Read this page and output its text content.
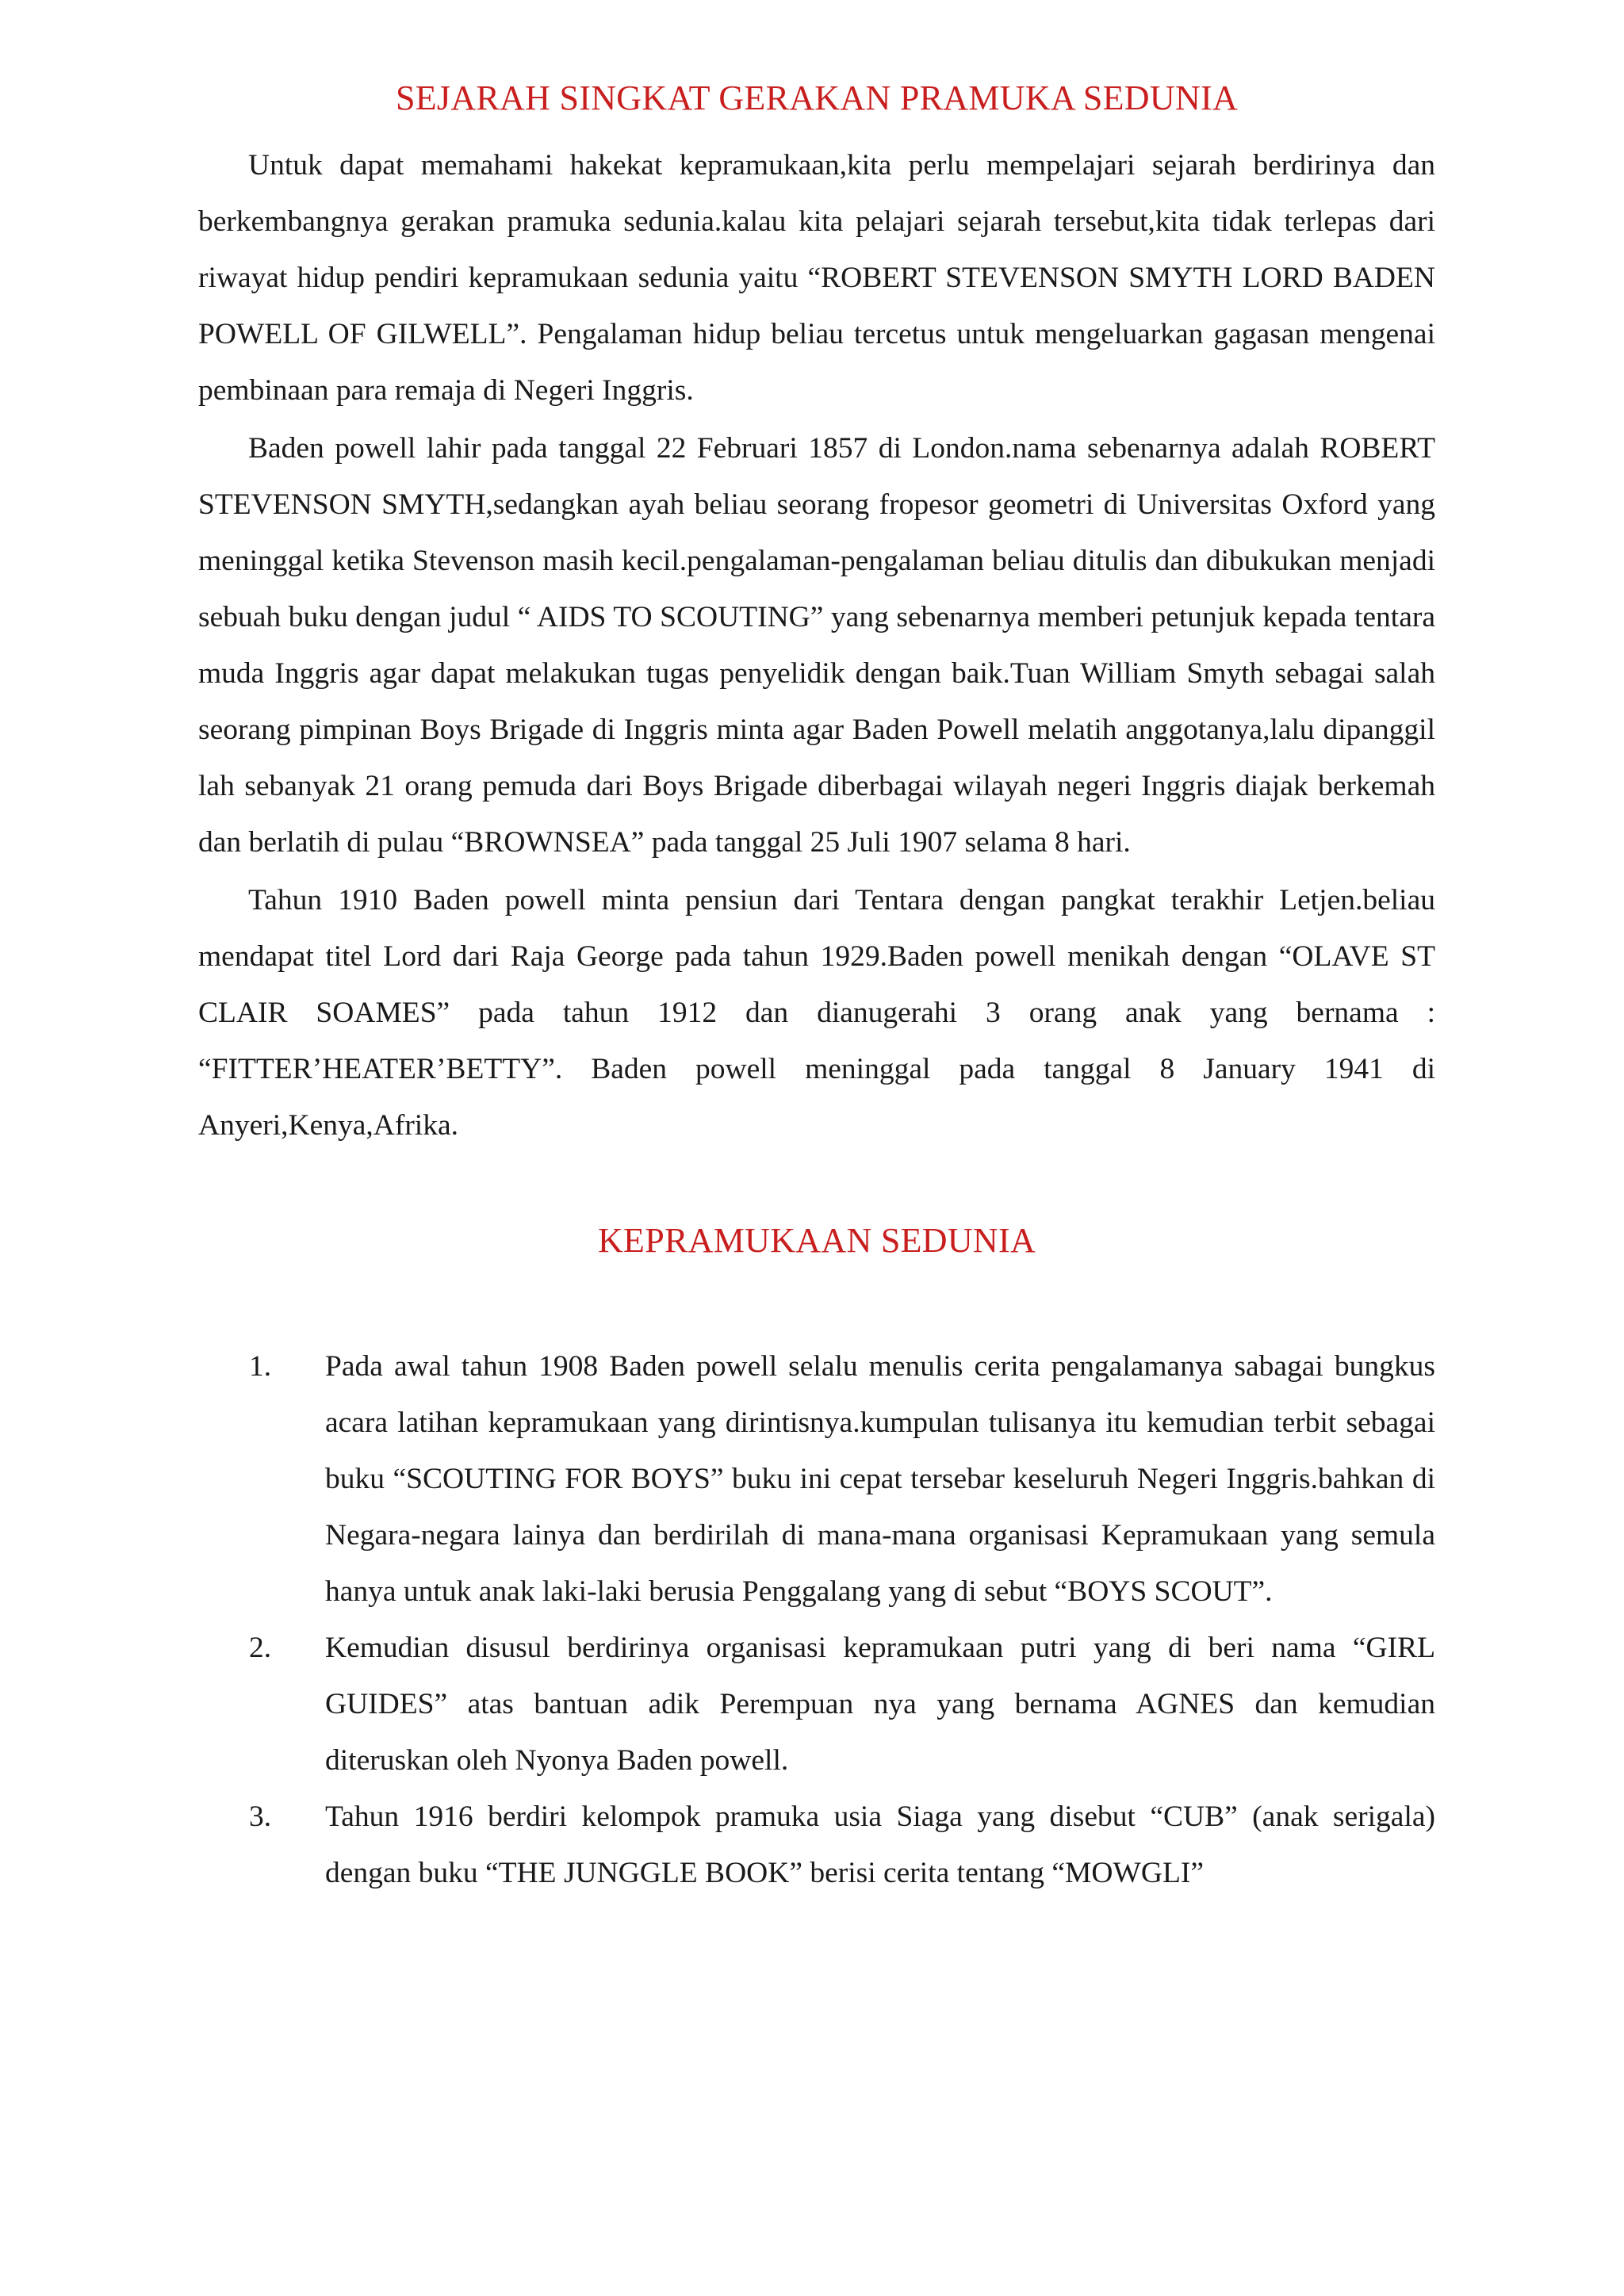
SEJARAH SINGKAT GERAKAN PRAMUKA SEDUNIA

Untuk dapat memahami hakekat kepramukaan,kita perlu mempelajari sejarah berdirinya dan berkembangnya gerakan pramuka sedunia.kalau kita pelajari sejarah tersebut,kita tidak terlepas dari riwayat hidup pendiri kepramukaan sedunia yaitu “ROBERT STEVENSON SMYTH LORD BADEN POWELL OF GILWELL”. Pengalaman hidup beliau tercetus untuk mengeluarkan gagasan mengenai pembinaan para remaja di Negeri Inggris.

Baden powell lahir pada tanggal 22 Februari 1857 di London.nama sebenarnya adalah ROBERT STEVENSON SMYTH,sedangkan ayah beliau seorang fropesor geometri di Universitas Oxford yang meninggal ketika Stevenson masih kecil.pengalaman-pengalaman beliau ditulis dan dibukukan menjadi sebuah buku dengan judul “ AIDS TO SCOUTING” yang sebenarnya memberi petunjuk kepada tentara muda Inggris agar dapat melakukan tugas penyelidik dengan baik.Tuan William Smyth sebagai salah seorang pimpinan Boys Brigade di Inggris minta agar Baden Powell melatih anggotanya,lalu dipanggil lah sebanyak 21 orang pemuda dari Boys Brigade diberbagai wilayah negeri Inggris diajak berkemah dan berlatih di pulau “BROWNSEA” pada tanggal 25 Juli 1907 selama 8 hari.

Tahun 1910 Baden powell minta pensiun dari Tentara dengan pangkat terakhir Letjen.beliau mendapat titel Lord dari Raja George pada tahun 1929.Baden powell menikah dengan “OLAVE ST CLAIR SOAMES” pada tahun 1912 dan dianugerahi 3 orang anak yang bernama : “FITTER’HEATER’BETTY”. Baden powell meninggal pada tanggal 8 January 1941 di Anyeri,Kenya,Afrika.

KEPRAMUKAAN SEDUNIA
1.	Pada awal tahun 1908 Baden powell selalu menulis cerita pengalamanya sabagai bungkus acara latihan kepramukaan yang dirintisnya.kumpulan tulisanya itu kemudian terbit sebagai buku “SCOUTING FOR BOYS” buku ini cepat tersebar keseluruh Negeri Inggris.bahkan di Negara-negara lainya dan berdirilah di mana-mana organisasi Kepramukaan yang semula hanya untuk anak laki-laki berusia Penggalang yang di sebut “BOYS SCOUT”.
2.	Kemudian disusul berdirinya organisasi kepramukaan putri yang di beri nama “GIRL GUIDES” atas bantuan adik Perempuan nya yang bernama AGNES dan kemudian diteruskan oleh Nyonya Baden powell.
3.	Tahun 1916 berdiri kelompok pramuka usia Siaga yang disebut “CUB” (anak serigala) dengan buku “THE JUNGGLE BOOK” berisi cerita tentang “MOWGLI”
